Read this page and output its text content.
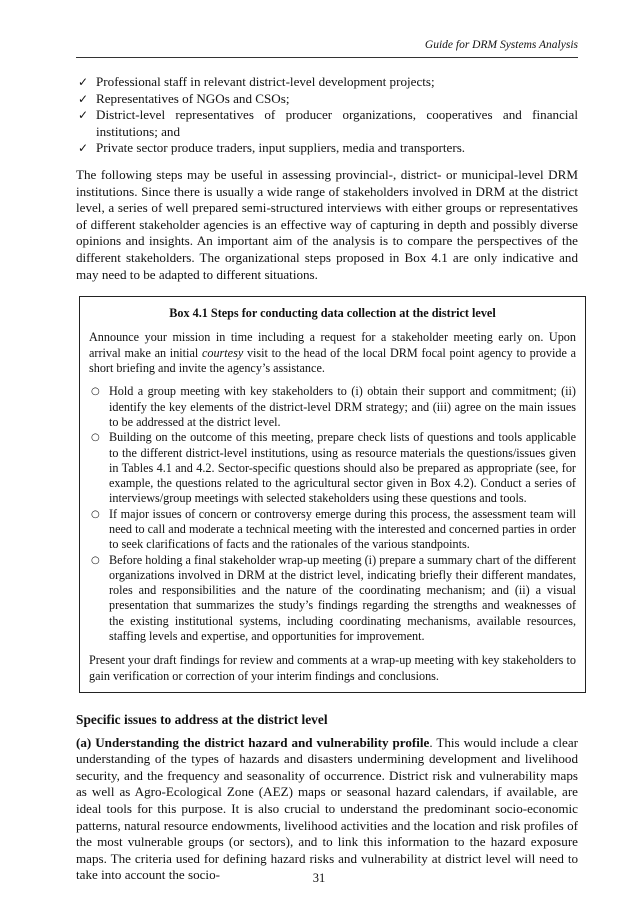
Guide for DRM Systems Analysis
✓ Professional staff in relevant district-level development projects;
✓ Representatives of NGOs and CSOs;
✓ District-level representatives of producer organizations, cooperatives and financial institutions; and
✓ Private sector produce traders, input suppliers, media and transporters.

The following steps may be useful in assessing provincial-, district- or municipal-level DRM institutions. Since there is usually a wide range of stakeholders involved in DRM at the district level, a series of well prepared semi-structured interviews with either groups or representatives of different stakeholder agencies is an effective way of capturing in depth and possibly diverse opinions and insights. An important aim of the analysis is to compare the perspectives of the different stakeholders. The organizational steps proposed in Box 4.1 are only indicative and may need to be adapted to different situations.

Box 4.1 Steps for conducting data collection at the district level

Announce your mission in time including a request for a stakeholder meeting early on. Upon arrival make an initial courtesy visit to the head of the local DRM focal point agency to provide a short briefing and invite the agency’s assistance.

○ Hold a group meeting with key stakeholders to (i) obtain their support and commitment; (ii) identify the key elements of the district-level DRM strategy; and (iii) agree on the main issues to be addressed at the district level.
○ Building on the outcome of this meeting, prepare check lists of questions and tools applicable to the different district-level institutions, using as resource materials the questions/issues given in Tables 4.1 and 4.2. Sector-specific questions should also be prepared as appropriate (see, for example, the questions related to the agricultural sector given in Box 4.2). Conduct a series of interviews/group meetings with selected stakeholders using these questions and tools.
○ If major issues of concern or controversy emerge during this process, the assessment team will need to call and moderate a technical meeting with the interested and concerned parties in order to seek clarifications of facts and the rationales of the various standpoints.
○ Before holding a final stakeholder wrap-up meeting (i) prepare a summary chart of the different organizations involved in DRM at the district level, indicating briefly their different mandates, roles and responsibilities and the nature of the coordinating mechanism; and (ii) a visual presentation that summarizes the study’s findings regarding the strengths and weaknesses of the existing institutional systems, including coordinating mechanisms, available resources, staffing levels and expertise, and opportunities for improvement.

Present your draft findings for review and comments at a wrap-up meeting with key stakeholders to gain verification or correction of your interim findings and conclusions.

Specific issues to address at the district level

(a) Understanding the district hazard and vulnerability profile. This would include a clear understanding of the types of hazards and disasters undermining development and livelihood security, and the frequency and seasonality of occurrence. District risk and vulnerability maps as well as Agro-Ecological Zone (AEZ) maps or seasonal hazard calendars, if available, are ideal tools for this purpose. It is also crucial to understand the predominant socio-economic patterns, natural resource endowments, livelihood activities and the location and risk profiles of the most vulnerable groups (or sectors), and to link this information to the hazard exposure maps. The criteria used for defining hazard risks and vulnerability at district level will need to take into account the socio-	31
